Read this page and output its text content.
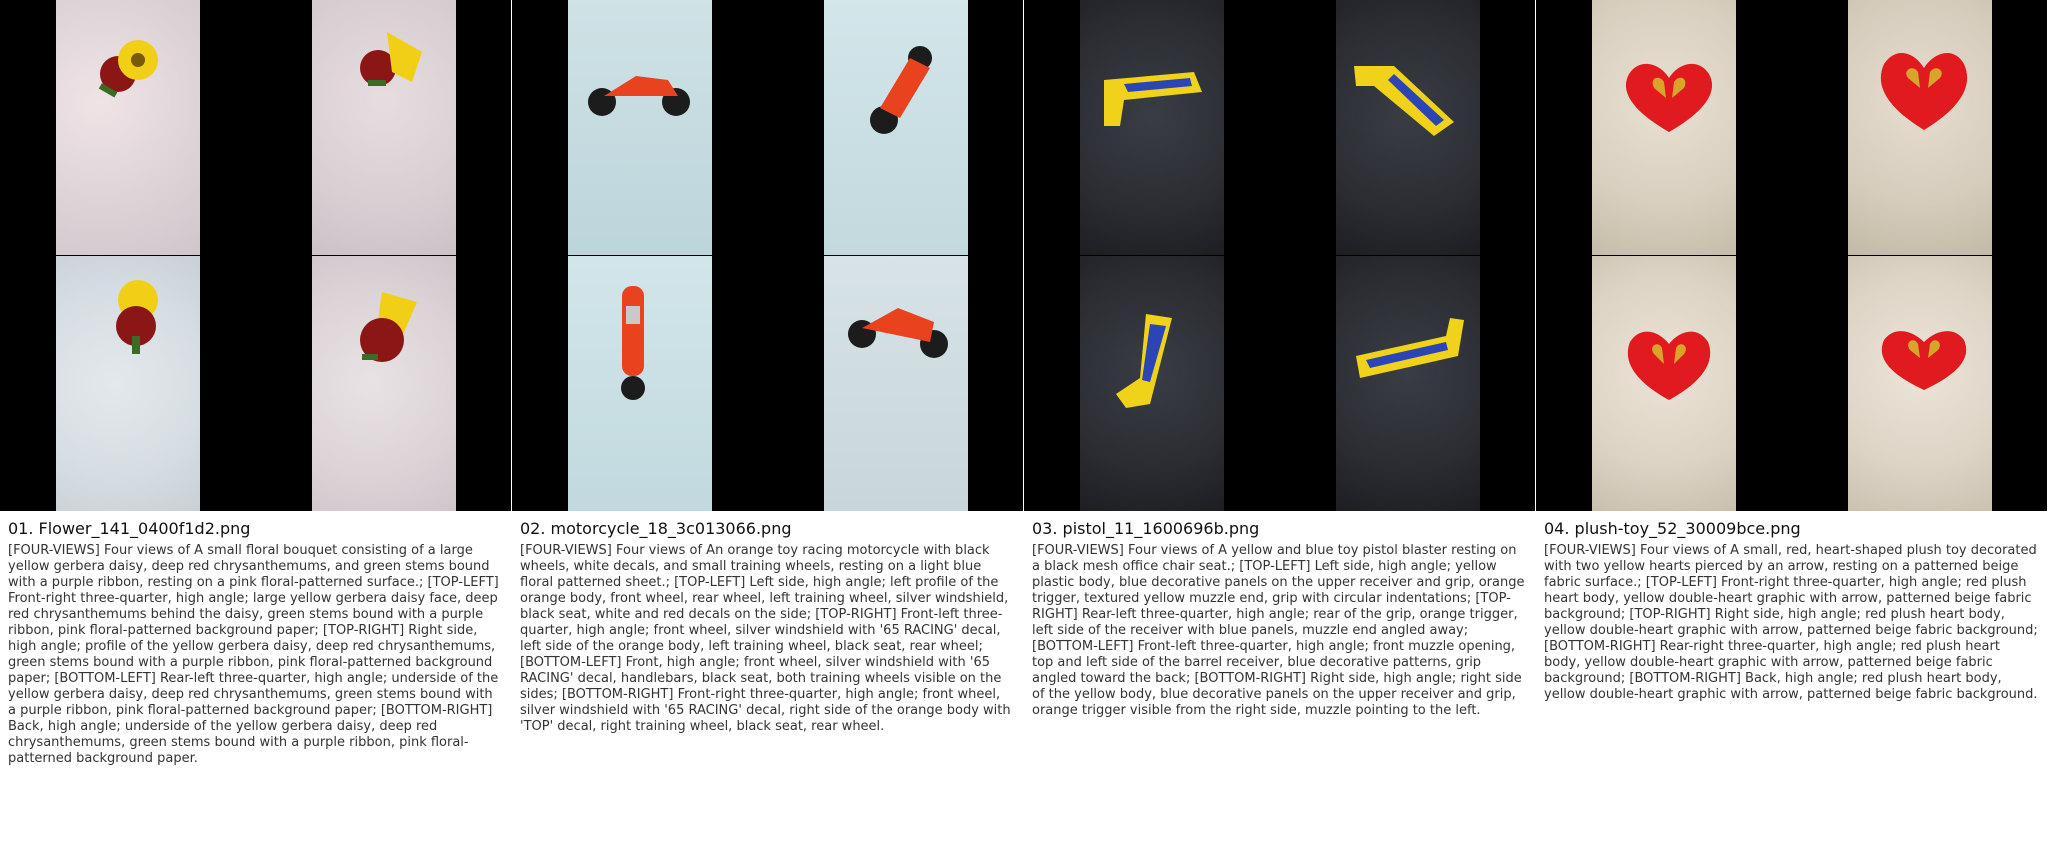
01. Flower_141_0400f1d2.png
[FOUR-VIEWS] Four views of A small floral bouquet consisting of a large yellow gerbera daisy, deep red chrysanthemums, and green stems bound with a purple ribbon, resting on a pink floral-patterned surface.; [TOP-LEFT] Front-right three-quarter, high angle; large yellow gerbera daisy face, deep red chrysanthemums behind the daisy, green stems bound with a purple ribbon, pink floral-patterned background paper; [TOP-RIGHT] Right side, high angle; profile of the yellow gerbera daisy, deep red chrysanthemums, green stems bound with a purple ribbon, pink floral-patterned background paper; [BOTTOM-LEFT] Rear-left three-quarter, high angle; underside of the yellow gerbera daisy, deep red chrysanthemums, green stems bound with a purple ribbon, pink floral-patterned background paper; [BOTTOM-RIGHT] Back, high angle; underside of the yellow gerbera daisy, deep red chrysanthemums, green stems bound with a purple ribbon, pink floral-patterned background paper.
02. motorcycle_18_3c013066.png
[FOUR-VIEWS] Four views of An orange toy racing motorcycle with black wheels, white decals, and small training wheels, resting on a light blue floral patterned sheet.; [TOP-LEFT] Left side, high angle; left profile of the orange body, front wheel, rear wheel, left training wheel, silver windshield, black seat, white and red decals on the side; [TOP-RIGHT] Front-left three-quarter, high angle; front wheel, silver windshield with '65 RACING' decal, left side of the orange body, left training wheel, black seat, rear wheel; [BOTTOM-LEFT] Front, high angle; front wheel, silver windshield with '65 RACING' decal, handlebars, black seat, both training wheels visible on the sides; [BOTTOM-RIGHT] Front-right three-quarter, high angle; front wheel, silver windshield with '65 RACING' decal, right side of the orange body with 'TOP' decal, right training wheel, black seat, rear wheel.
03. pistol_11_1600696b.png
[FOUR-VIEWS] Four views of A yellow and blue toy pistol blaster resting on a black mesh office chair seat.; [TOP-LEFT] Left side, high angle; yellow plastic body, blue decorative panels on the upper receiver and grip, orange trigger, textured yellow muzzle end, grip with circular indentations; [TOP-RIGHT] Rear-left three-quarter, high angle; rear of the grip, orange trigger, left side of the receiver with blue panels, muzzle end angled away; [BOTTOM-LEFT] Front-left three-quarter, high angle; front muzzle opening, top and left side of the barrel receiver, blue decorative patterns, grip angled toward the back; [BOTTOM-RIGHT] Right side, high angle; right side of the yellow body, blue decorative panels on the upper receiver and grip, orange trigger visible from the right side, muzzle pointing to the left.
04. plush-toy_52_30009bce.png
[FOUR-VIEWS] Four views of A small, red, heart-shaped plush toy decorated with two yellow hearts pierced by an arrow, resting on a patterned beige fabric surface.; [TOP-LEFT] Front-right three-quarter, high angle; red plush heart body, yellow double-heart graphic with arrow, patterned beige fabric background; [TOP-RIGHT] Right side, high angle; red plush heart body, yellow double-heart graphic with arrow, patterned beige fabric background; [BOTTOM-RIGHT] Rear-right three-quarter, high angle; red plush heart body, yellow double-heart graphic with arrow, patterned beige fabric background; [BOTTOM-RIGHT] Back, high angle; red plush heart body, yellow double-heart graphic with arrow, patterned beige fabric background.
